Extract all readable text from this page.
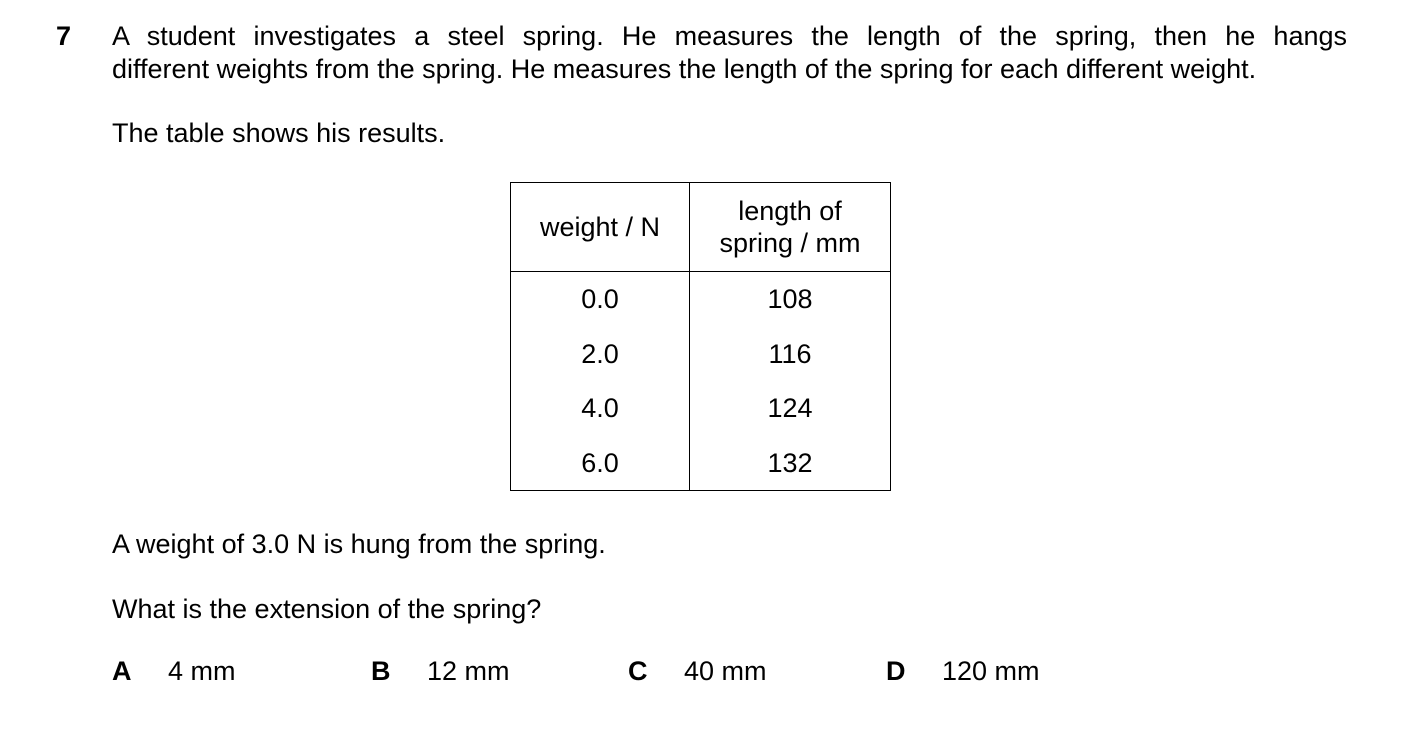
7 A student investigates a steel spring. He measures the length of the spring, then he hangs
different weights from the spring. He measures the length of the spring for each different weight.
The table shows his results.
weight / N	length of
spring / mm

0.0	108
2.0	116
4.0	124
6.0	132
A weight of 3.0 N is hung from the spring.
What is the extension of the spring?
A 4 mm	B 12 mm	C 40 mm	D 120 mm
